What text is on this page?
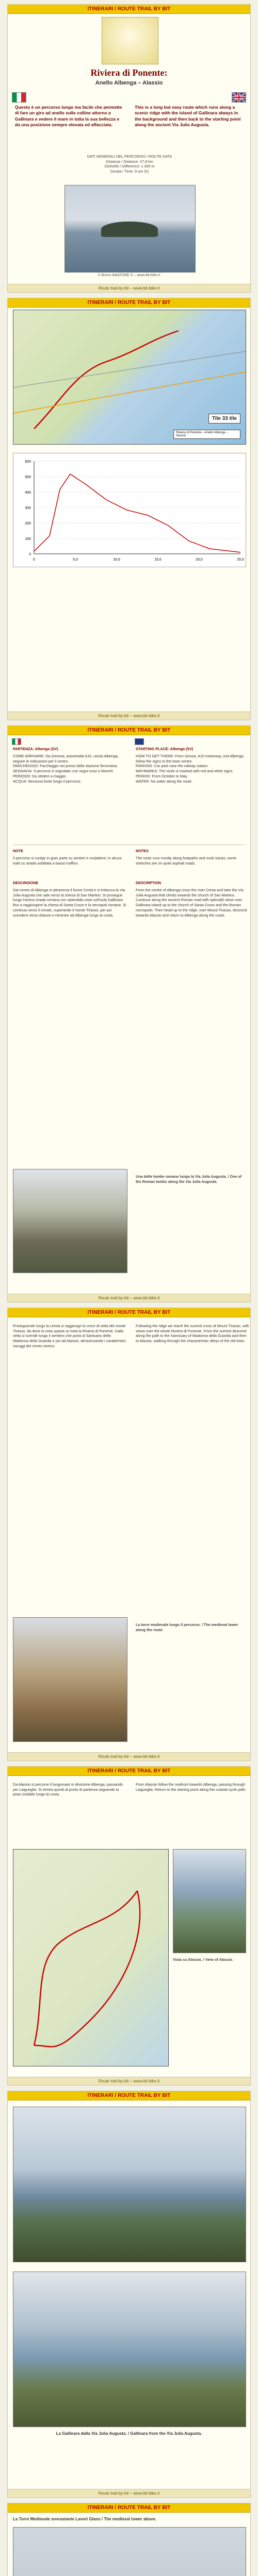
ITINERARI / ROUTE TRAIL BY BIT
Riviera di Ponente:
Anello Albenga – Alassio
Questo è un percorso lungo ma facile che permette di fare un giro ad anello sulle colline attorno a Gallinara e vedere il mare in tutta la sua bellezza e da una posizione sempre elevata ed affacciata.
This is a long but easy route which runs along a scenic ridge with the island of Gallinara always in the background and then back to the starting point along the ancient Via Julia Augusta.
DATI GENERALI DEL PERCORSO / ROUTE DATA
Distanza / Distance: 27,8 km
Dislivello / Difference: 1.300 m
Durata / Time: 9 ore (h)
© Bruno AMATORE © – www.bit-bike.it
Route trail-by-bit – www.bit-bike.it
ITINERARI / ROUTE TRAIL BY BIT
Tile 33 tile
Riviera di Ponente – Anello Albenga – Alassio
600
500
400
300
200
100
0
0	5,0	10,0	15,0	20,0	25,0
Route trail-by-bit – www.bit-bike.it
ITINERARI / ROUTE TRAIL BY BIT
PARTENZA: Albenga (SV)	STARTING PLACE: Albenga (SV)
COME ARRIVARE: Da Genova, autostrada A10, uscita Albenga, seguire le indicazioni per il centro.
PARCHEGGIO: Parcheggio nei pressi della stazione ferroviaria.
SEGNAVIA: Il percorso è segnalato con segni rossi e bianchi.
PERIODO: Da ottobre a maggio.
ACQUA: Nessuna fonte lungo il percorso.
HOW TO GET THERE: From Genoa, A10 motorway, exit Albenga, follow the signs to the town centre.
PARKING: Car park near the railway station.
WAYMARKS: The route is marked with red and white signs.
PERIOD: From October to May.
WATER: No water along the route.
NOTE	NOTES
Il percorso si svolge in gran parte su sentieri e mulattiere; in alcuni tratti su strada asfaltata a basso traffico.
The route runs mostly along footpaths and mule tracks; some stretches are on quiet asphalt roads.
DESCRIZIONE	DESCRIPTION
Dal centro di Albenga si attraversa il fiume Centa e si imbocca la Via Julia Augusta che sale verso la chiesa di San Martino. Si prosegue lungo l'antica strada romana con splendida vista sull'isola Gallinara fino a raggiungere la chiesa di Santa Croce e la necropoli romana. Si continua verso il crinale, superando il monte Tirasso, per poi scendere verso Alassio e rientrare ad Albenga lungo la costa.
From the centre of Albenga cross the river Centa and take the Via Julia Augusta that climbs towards the church of San Martino. Continue along the ancient Roman road with splendid views over Gallinara island up to the church of Santa Croce and the Roman necropolis. Then head up to the ridge, over Mount Tirasso, descend towards Alassio and return to Albenga along the coast.
Una delle tombe romane lungo la Via Julia Augusta. / One of the Roman tombs along the Via Julia Augusta.
Route trail-by-bit – www.bit-bike.it
ITINERARI / ROUTE TRAIL BY BIT
Proseguendo lungo la cresta si raggiunge la croce di vetta del monte Tirasso, da dove la vista spazia su tutta la Riviera di Ponente. Dalla vetta si scende lungo il sentiero che porta al Santuario della Madonna della Guardia e poi ad Alassio, attraversando i caratteristici caruggi del centro storico.
Following the ridge we reach the summit cross of Mount Tirasso, with views over the whole Riviera di Ponente. From the summit descend along the path to the Sanctuary of Madonna della Guardia and then to Alassio, walking through the characteristic alleys of the old town.
La torre medievale lungo il percorso. / The medieval tower along the route.
Route trail-by-bit – www.bit-bike.it
ITINERARI / ROUTE TRAIL BY BIT
Da Alassio si percorre il lungomare in direzione Albenga, passando per Laigueglia. Si rientra quindi al punto di partenza seguendo la pista ciclabile lungo la costa.
From Alassio follow the seafront towards Albenga, passing through Laigueglia. Return to the starting point along the coastal cycle path.
Vista su Alassio. / View of Alassio.
Route trail-by-bit – www.bit-bike.it
ITINERARI / ROUTE TRAIL BY BIT
La Gallinara dalla Via Julia Augusta. / Gallinara from the Via Julia Augusta.
Route trail-by-bit – www.bit-bike.it
ITINERARI / ROUTE TRAIL BY BIT
La Torre Medievale sovrastante Lavori Glans / The medieval tower above.
